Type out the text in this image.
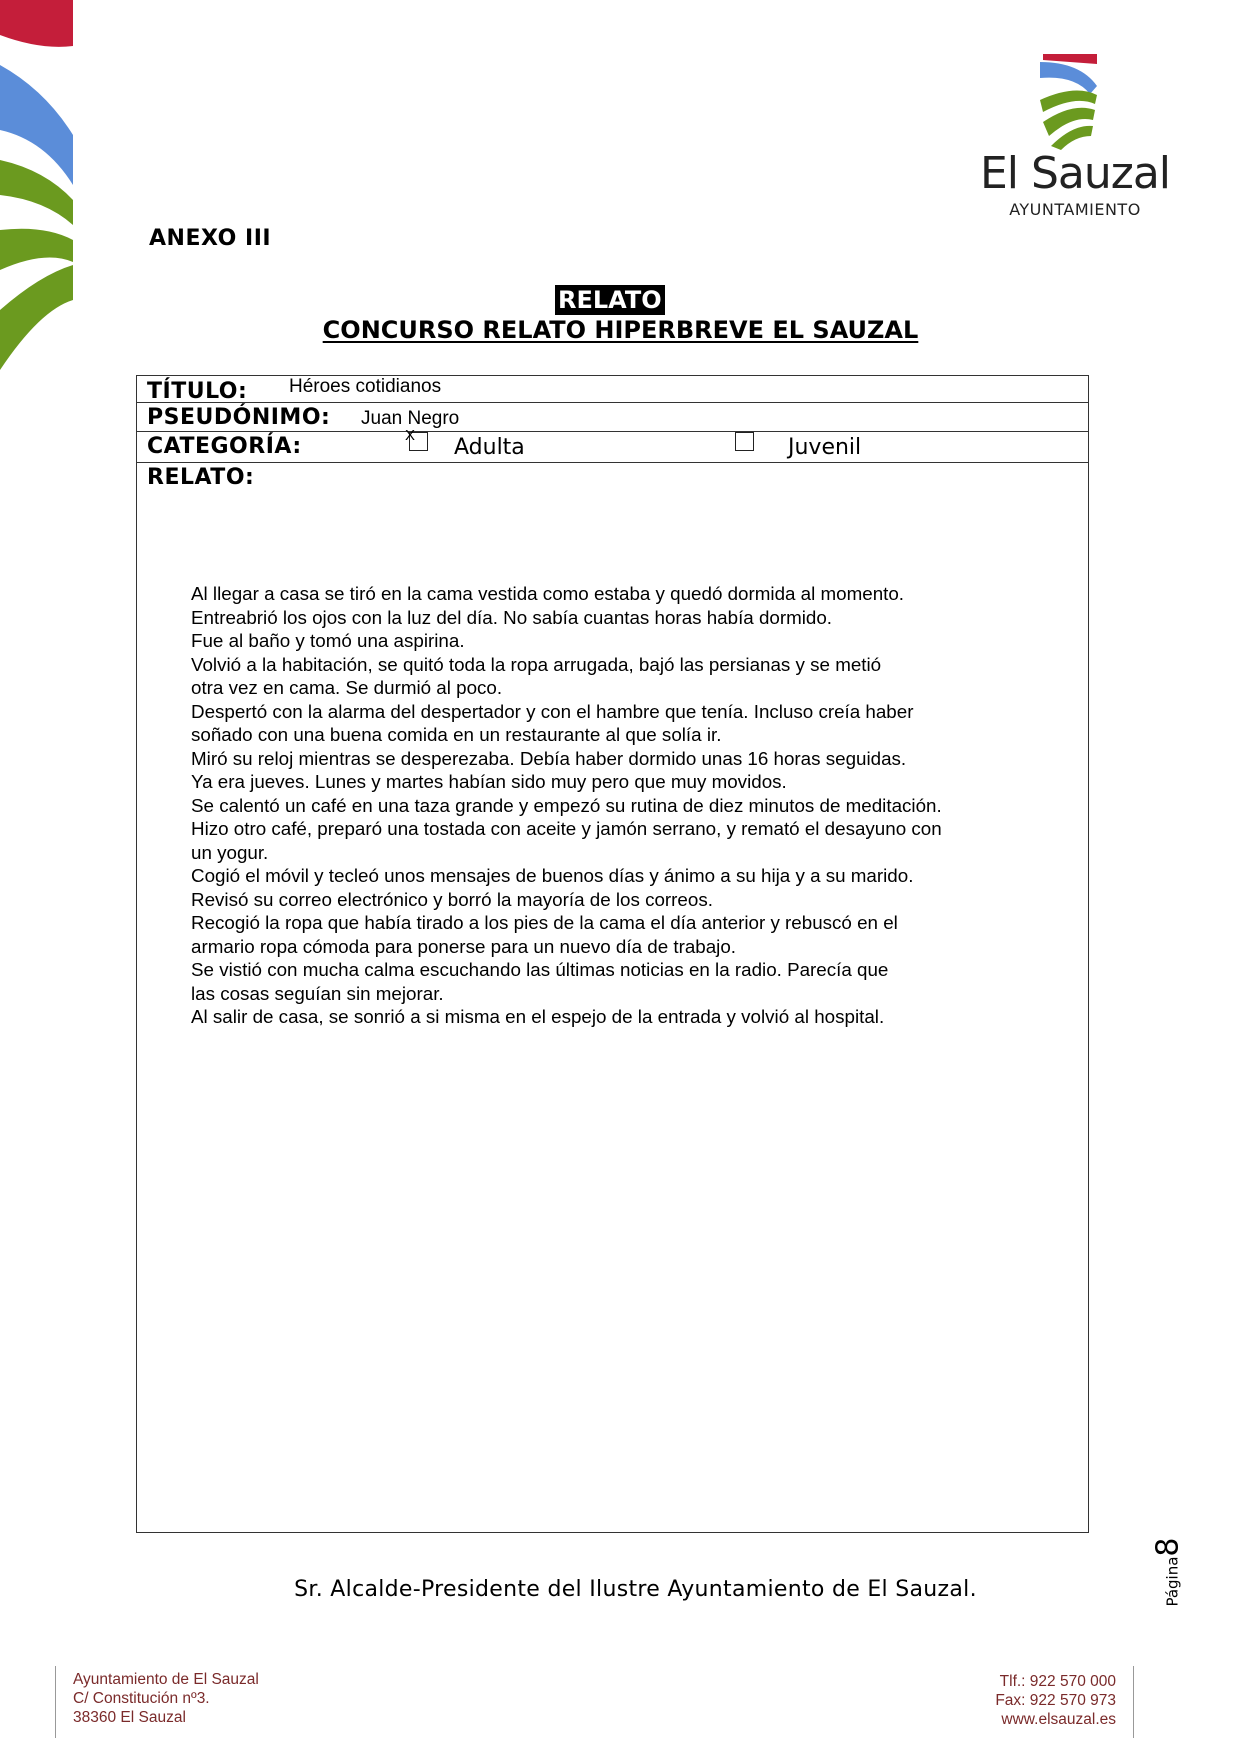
El Sauzal
AYUNTAMIENTO
ANEXO III
RELATO
CONCURSO RELATO HIPERBREVE EL SAUZAL
TÍTULO: Héroes cotidianos
PSEUDÓNIMO: Juan Negro
CATEGORÍA:	X Adulta	Juvenil
RELATO:

Al llegar a casa se tiró en la cama vestida como estaba y quedó dormida al momento.

Entreabrió los ojos con la luz del día. No sabía cuantas horas había dormido.

Fue al baño y tomó una aspirina.

Volvió a la habitación, se quitó toda la ropa arrugada, bajó las persianas y se metió

otra vez en cama. Se durmió al poco.

Despertó con la alarma del despertador y con el hambre que tenía. Incluso creía haber

soñado con una buena comida en un restaurante al que solía ir.

Miró su reloj mientras se desperezaba. Debía haber dormido unas 16 horas seguidas.

Ya era jueves. Lunes y martes habían sido muy pero que muy movidos.

Se calentó un café en una taza grande y empezó su rutina de diez minutos de meditación.

Hizo otro café, preparó una tostada con aceite y jamón serrano, y remató el desayuno con

un yogur.

Cogió el móvil y tecleó unos mensajes de buenos días y ánimo a su hija y a su marido.

Revisó su correo electrónico y borró la mayoría de los correos.

Recogió la ropa que había tirado a los pies de la cama el día anterior y rebuscó en el

armario ropa cómoda para ponerse para un nuevo día de trabajo.

Se vistió con mucha calma escuchando las últimas noticias en la radio. Parecía que

las cosas seguían sin mejorar.

Al salir de casa, se sonrió a si misma en el espejo de la entrada y volvió al hospital.

Sr. Alcalde-Presidente del Ilustre Ayuntamiento de El Sauzal.	Página8
Ayuntamiento de El Sauzal
C/ Constitución nº3.
38360 El Sauzal
Tlf.: 922 570 000
Fax: 922 570 973
www.elsauzal.es
